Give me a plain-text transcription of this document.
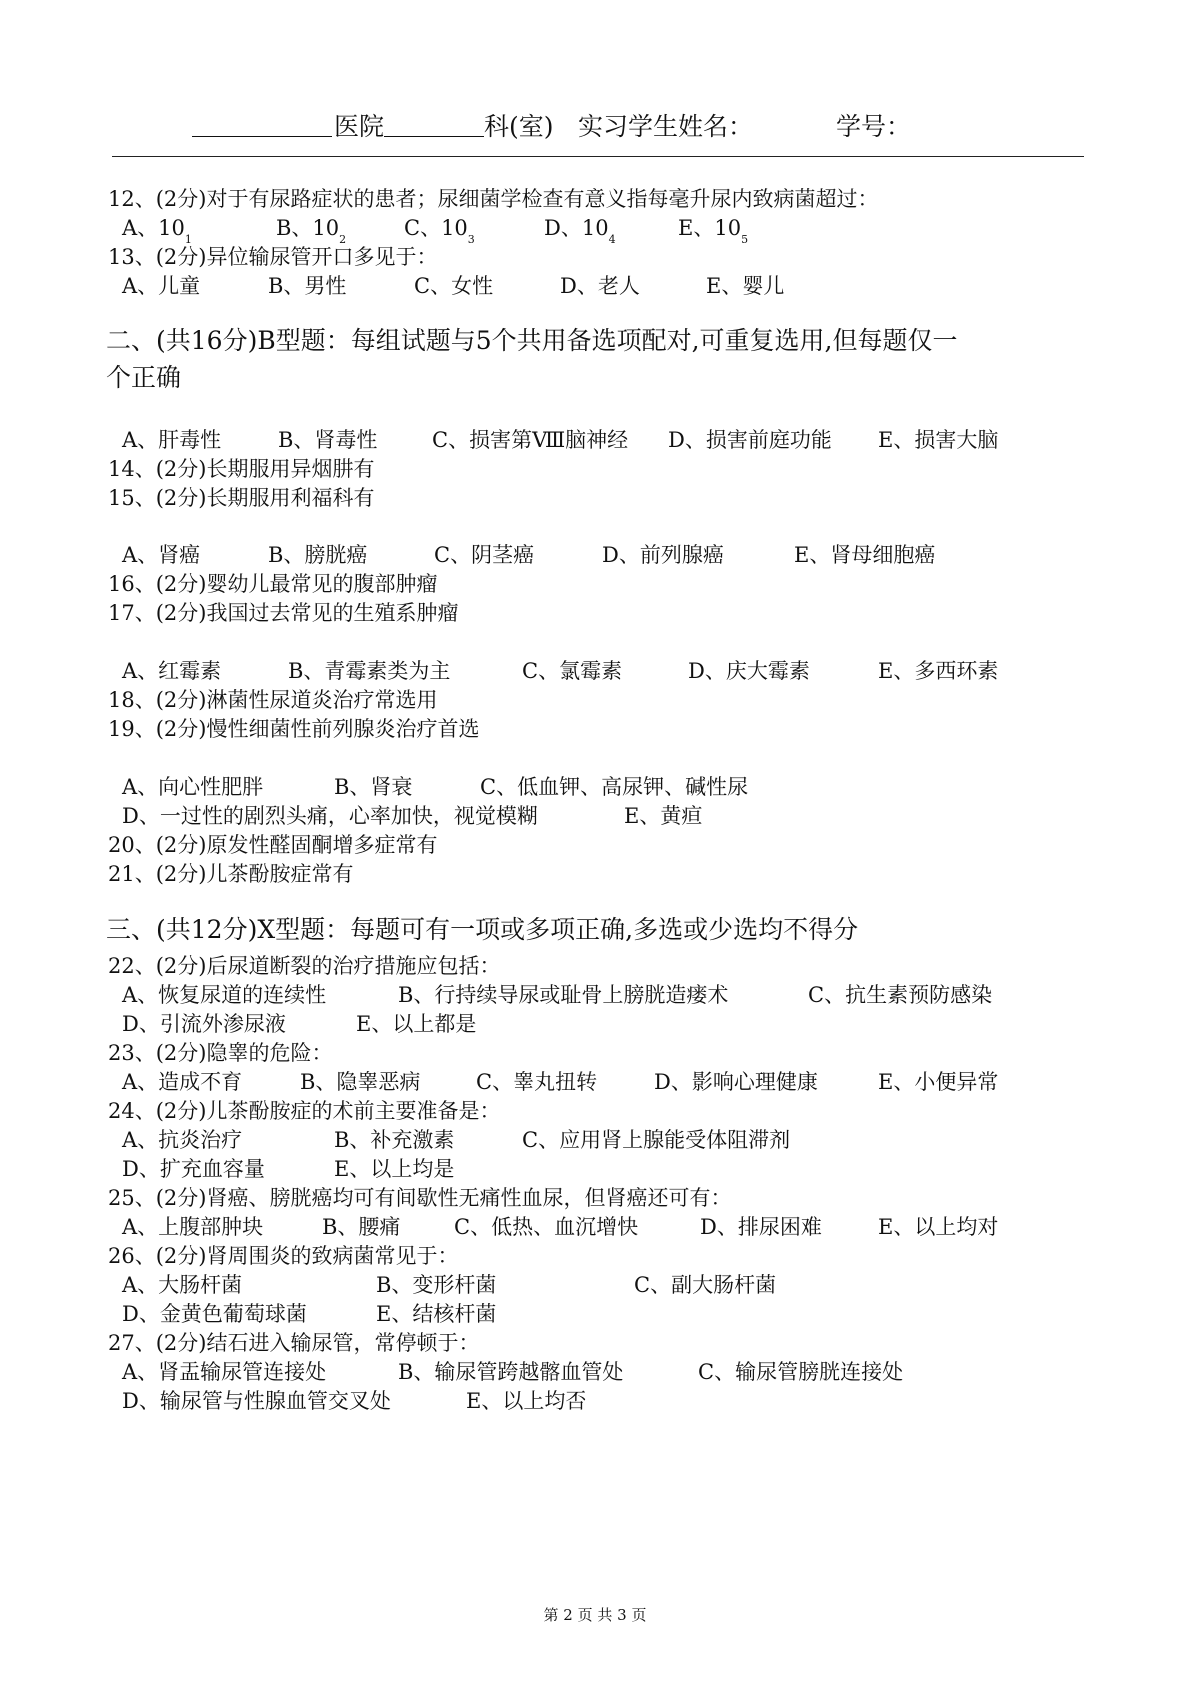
医院	科(室) 实习学生姓名：	学号：
12、(2分)对于有尿路症状的患者；尿细菌学检查有意义指每毫升尿内致病菌超过：
A、$10_1$	B、$10_2$	C、$10_3$	D、$10_4$	E、$10_5$
13、(2分)异位输尿管开口多见于：
A、儿童	B、男性	C、女性	D、老人	E、婴儿
二、(共16分)B型题：每组试题与5个共用备选项配对,可重复选用,但每题仅一
个正确
A、肝毒性	B、肾毒性	C、损害第Ⅷ脑神经 D、损害前庭功能 E、损害大脑
14、(2分)长期服用异烟肼有
15、(2分)长期服用利福科有
A、肾癌	B、膀胱癌	C、阴茎癌	D、前列腺癌	E、肾母细胞癌
16、(2分)婴幼儿最常见的腹部肿瘤
17、(2分)我国过去常见的生殖系肿瘤
A、红霉素	B、青霉素类为主	C、氯霉素	D、庆大霉素	E、多西环素
18、(2分)淋菌性尿道炎治疗常选用
19、(2分)慢性细菌性前列腺炎治疗首选
A、向心性肥胖	B、肾衰	C、低血钾、高尿钾、碱性尿
D、一过性的剧烈头痛，心率加快，视觉模糊	E、黄疸
20、(2分)原发性醛固酮增多症常有
21、(2分)儿茶酚胺症常有
三、(共12分)X型题：每题可有一项或多项正确,多选或少选均不得分
22、(2分)后尿道断裂的治疗措施应包括：
A、恢复尿道的连续性	B、行持续导尿或耻骨上膀胱造瘘术	C、抗生素预防感染
D、引流外渗尿液	E、以上都是
23、(2分)隐睾的危险：
A、造成不育	B、隐睾恶病	C、睾丸扭转	D、影响心理健康	E、小便异常
24、(2分)儿茶酚胺症的术前主要准备是：
A、抗炎治疗	B、补充激素	C、应用肾上腺能受体阻滞剂
D、扩充血容量	E、以上均是
25、(2分)肾癌、膀胱癌均可有间歇性无痛性血尿，但肾癌还可有：
A、上腹部肿块	B、腰痛	C、低热、血沉增快	D、排尿困难	E、以上均对
26、(2分)肾周围炎的致病菌常见于：
A、大肠杆菌	B、变形杆菌	C、副大肠杆菌
D、金黄色葡萄球菌	E、结核杆菌
27、(2分)结石进入输尿管，常停顿于：
A、肾盂输尿管连接处	B、输尿管跨越髂血管处	C、输尿管膀胱连接处
D、输尿管与性腺血管交叉处	E、以上均否
第 2 页 共 3 页
